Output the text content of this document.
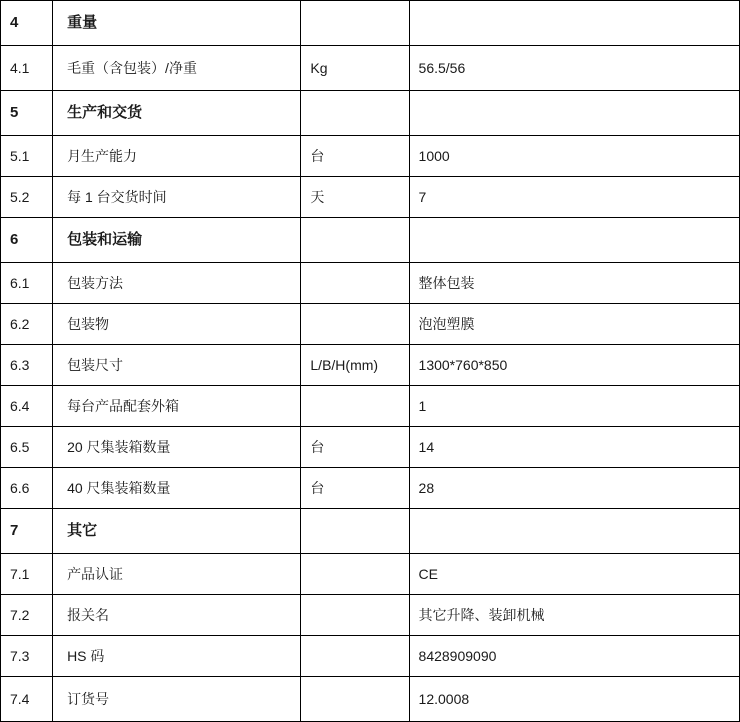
4	重量		
4.1	毛重（含包装）/净重	Kg	56.5/56
5	生产和交货		
5.1	月生产能力	台	1000
5.2	每 1 台交货时间	天	7
6	包装和运输		
6.1	包装方法		整体包装
6.2	包装物		泡泡塑膜
6.3	包装尺寸	L/B/H(mm)	1300*760*850
6.4	每台产品配套外箱		1
6.5	20 尺集装箱数量	台	14
6.6	40 尺集装箱数量	台	28
7	其它		
7.1	产品认证		CE
7.2	报关名		其它升降、装卸机械
7.3	HS 码		8428909090
7.4	订货号		12.0008
